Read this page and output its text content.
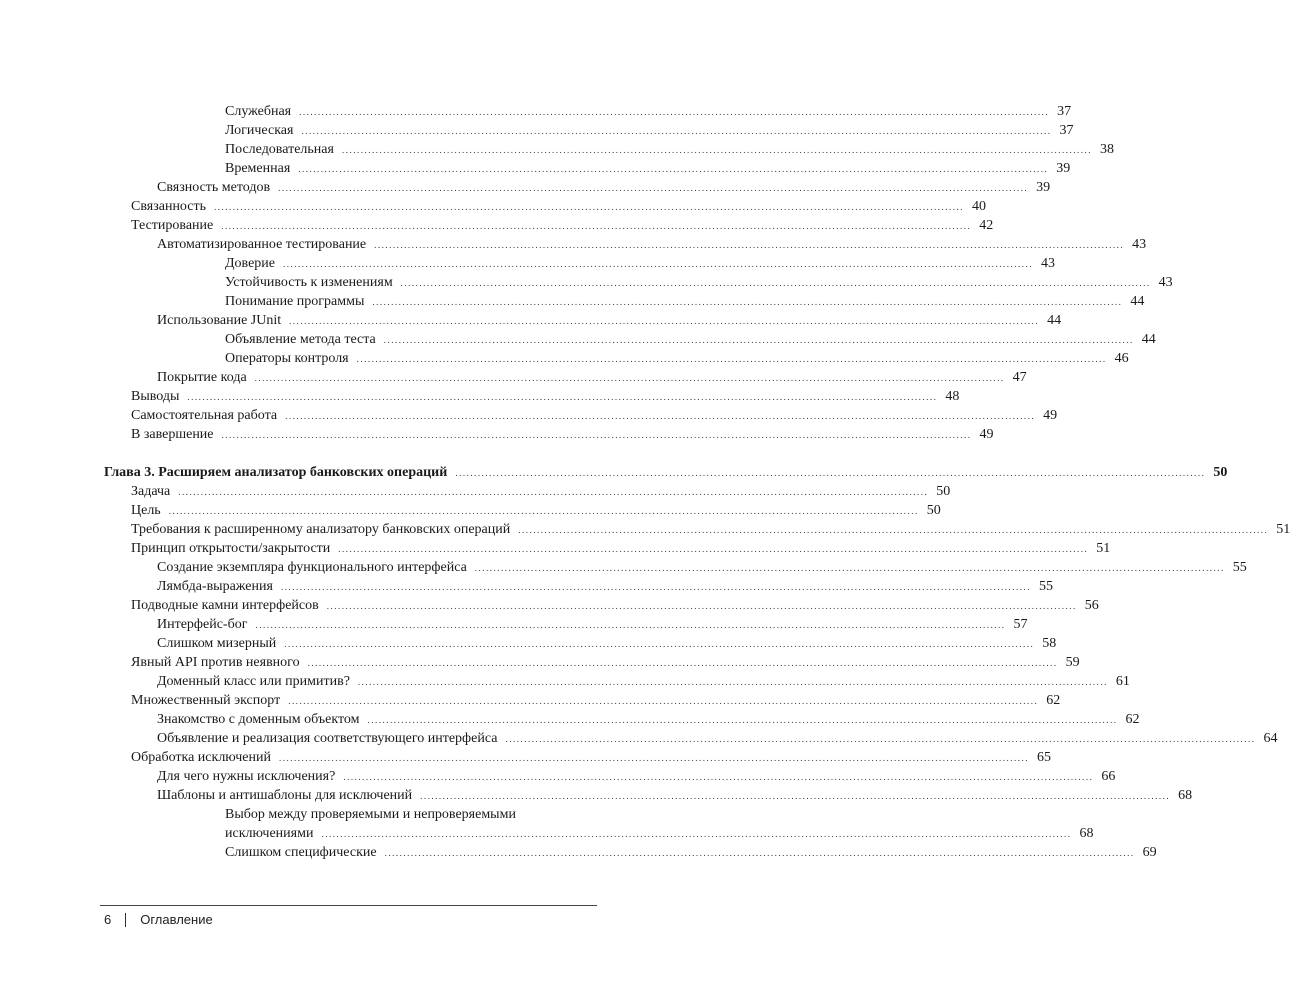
Служебная ........................................................................................................................................................................................................ 37
Логическая ........................................................................................................................................................................................................ 37
Последовательная ........................................................................................................................................................................................................ 38
Временная ........................................................................................................................................................................................................ 39
Связность методов ........................................................................................................................................................................................................ 39
Связанность ........................................................................................................................................................................................................ 40
Тестирование ........................................................................................................................................................................................................ 42
Автоматизированное тестирование ........................................................................................................................................................................................................ 43
Доверие ........................................................................................................................................................................................................ 43
Устойчивость к изменениям ........................................................................................................................................................................................................ 43
Понимание программы ........................................................................................................................................................................................................ 44
Использование JUnit ........................................................................................................................................................................................................ 44
Объявление метода теста ........................................................................................................................................................................................................ 44
Операторы контроля ........................................................................................................................................................................................................ 46
Покрытие кода ........................................................................................................................................................................................................ 47
Выводы ........................................................................................................................................................................................................ 48
Самостоятельная работа ........................................................................................................................................................................................................ 49
В завершение ........................................................................................................................................................................................................ 49
Глава 3. Расширяем анализатор банковских операций ........................................................................................................................................................................................................ 50
Задача ........................................................................................................................................................................................................ 50
Цель ........................................................................................................................................................................................................ 50
Требования к расширенному анализатору банковских операций ........................................................................................................................................................................................................ 51
Принцип открытости/закрытости ........................................................................................................................................................................................................ 51
Создание экземпляра функционального интерфейса ........................................................................................................................................................................................................ 55
Лямбда-выражения ........................................................................................................................................................................................................ 55
Подводные камни интерфейсов ........................................................................................................................................................................................................ 56
Интерфейс-бог ........................................................................................................................................................................................................ 57
Слишком мизерный ........................................................................................................................................................................................................ 58
Явный API против неявного ........................................................................................................................................................................................................ 59
Доменный класс или примитив? ........................................................................................................................................................................................................ 61
Множественный экспорт ........................................................................................................................................................................................................ 62
Знакомство с доменным объектом ........................................................................................................................................................................................................ 62
Объявление и реализация соответствующего интерфейса ........................................................................................................................................................................................................ 64
Обработка исключений ........................................................................................................................................................................................................ 65
Для чего нужны исключения? ........................................................................................................................................................................................................ 66
Шаблоны и антишаблоны для исключений ........................................................................................................................................................................................................ 68
Выбор между проверяемыми и непроверяемыми
исключениями ........................................................................................................................................................................................................ 68
Слишком специфические ........................................................................................................................................................................................................ 69
6 Оглавление
